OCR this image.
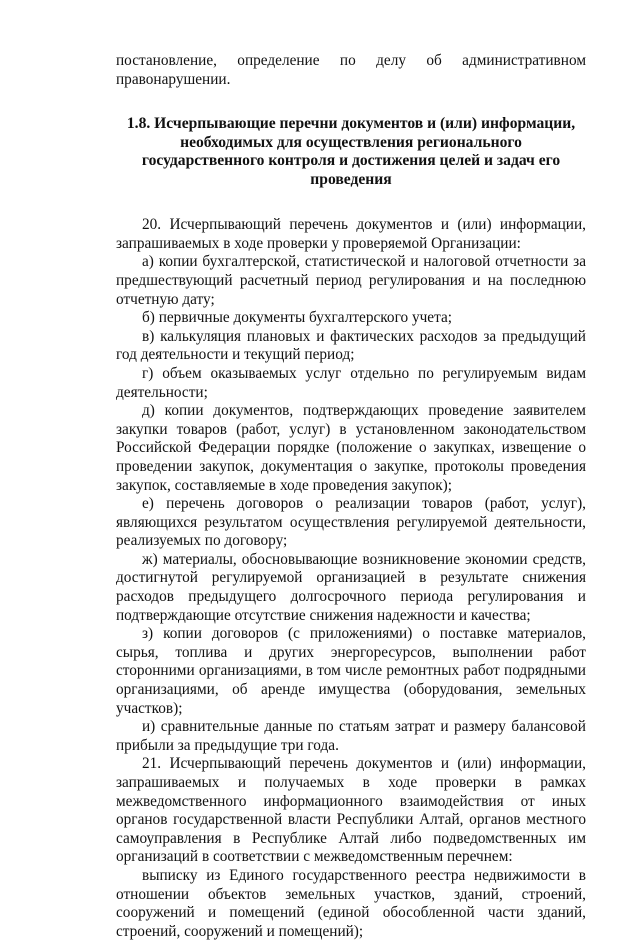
постановление, определение по делу об административном правонарушении.

1.8. Исчерпывающие перечни документов и (или) информации, необходимых для осуществления регионального государственного контроля и достижения целей и задач его проведения

20. Исчерпывающий перечень документов и (или) информации, запрашиваемых в ходе проверки у проверяемой Организации:

а) копии бухгалтерской, статистической и налоговой отчетности за предшествующий расчетный период регулирования и на последнюю отчетную дату;

б) первичные документы бухгалтерского учета;

в) калькуляция плановых и фактических расходов за предыдущий год деятельности и текущий период;

г) объем оказываемых услуг отдельно по регулируемым видам деятельности;

д) копии документов, подтверждающих проведение заявителем закупки товаров (работ, услуг) в установленном законодательством Российской Федерации порядке (положение о закупках, извещение о проведении закупок, документация о закупке, протоколы проведения закупок, составляемые в ходе проведения закупок);

е) перечень договоров о реализации товаров (работ, услуг), являющихся результатом осуществления регулируемой деятельности, реализуемых по договору;

ж) материалы, обосновывающие возникновение экономии средств, достигнутой регулируемой организацией в результате снижения расходов предыдущего долгосрочного периода регулирования и подтверждающие отсутствие снижения надежности и качества;

з) копии договоров (с приложениями) о поставке материалов, сырья, топлива и других энергоресурсов, выполнении работ сторонними организациями, в том числе ремонтных работ подрядными организациями, об аренде имущества (оборудования, земельных участков);

и) сравнительные данные по статьям затрат и размеру балансовой прибыли за предыдущие три года.

21. Исчерпывающий перечень документов и (или) информации, запрашиваемых и получаемых в ходе проверки в рамках межведомственного информационного взаимодействия от иных органов государственной власти Республики Алтай, органов местного самоуправления в Республике Алтай либо подведомственных им организаций в соответствии с межведомственным перечнем:

выписку из Единого государственного реестра недвижимости в отношении объектов земельных участков, зданий, строений, сооружений и помещений (единой обособленной части зданий, строений, сооружений и помещений);
